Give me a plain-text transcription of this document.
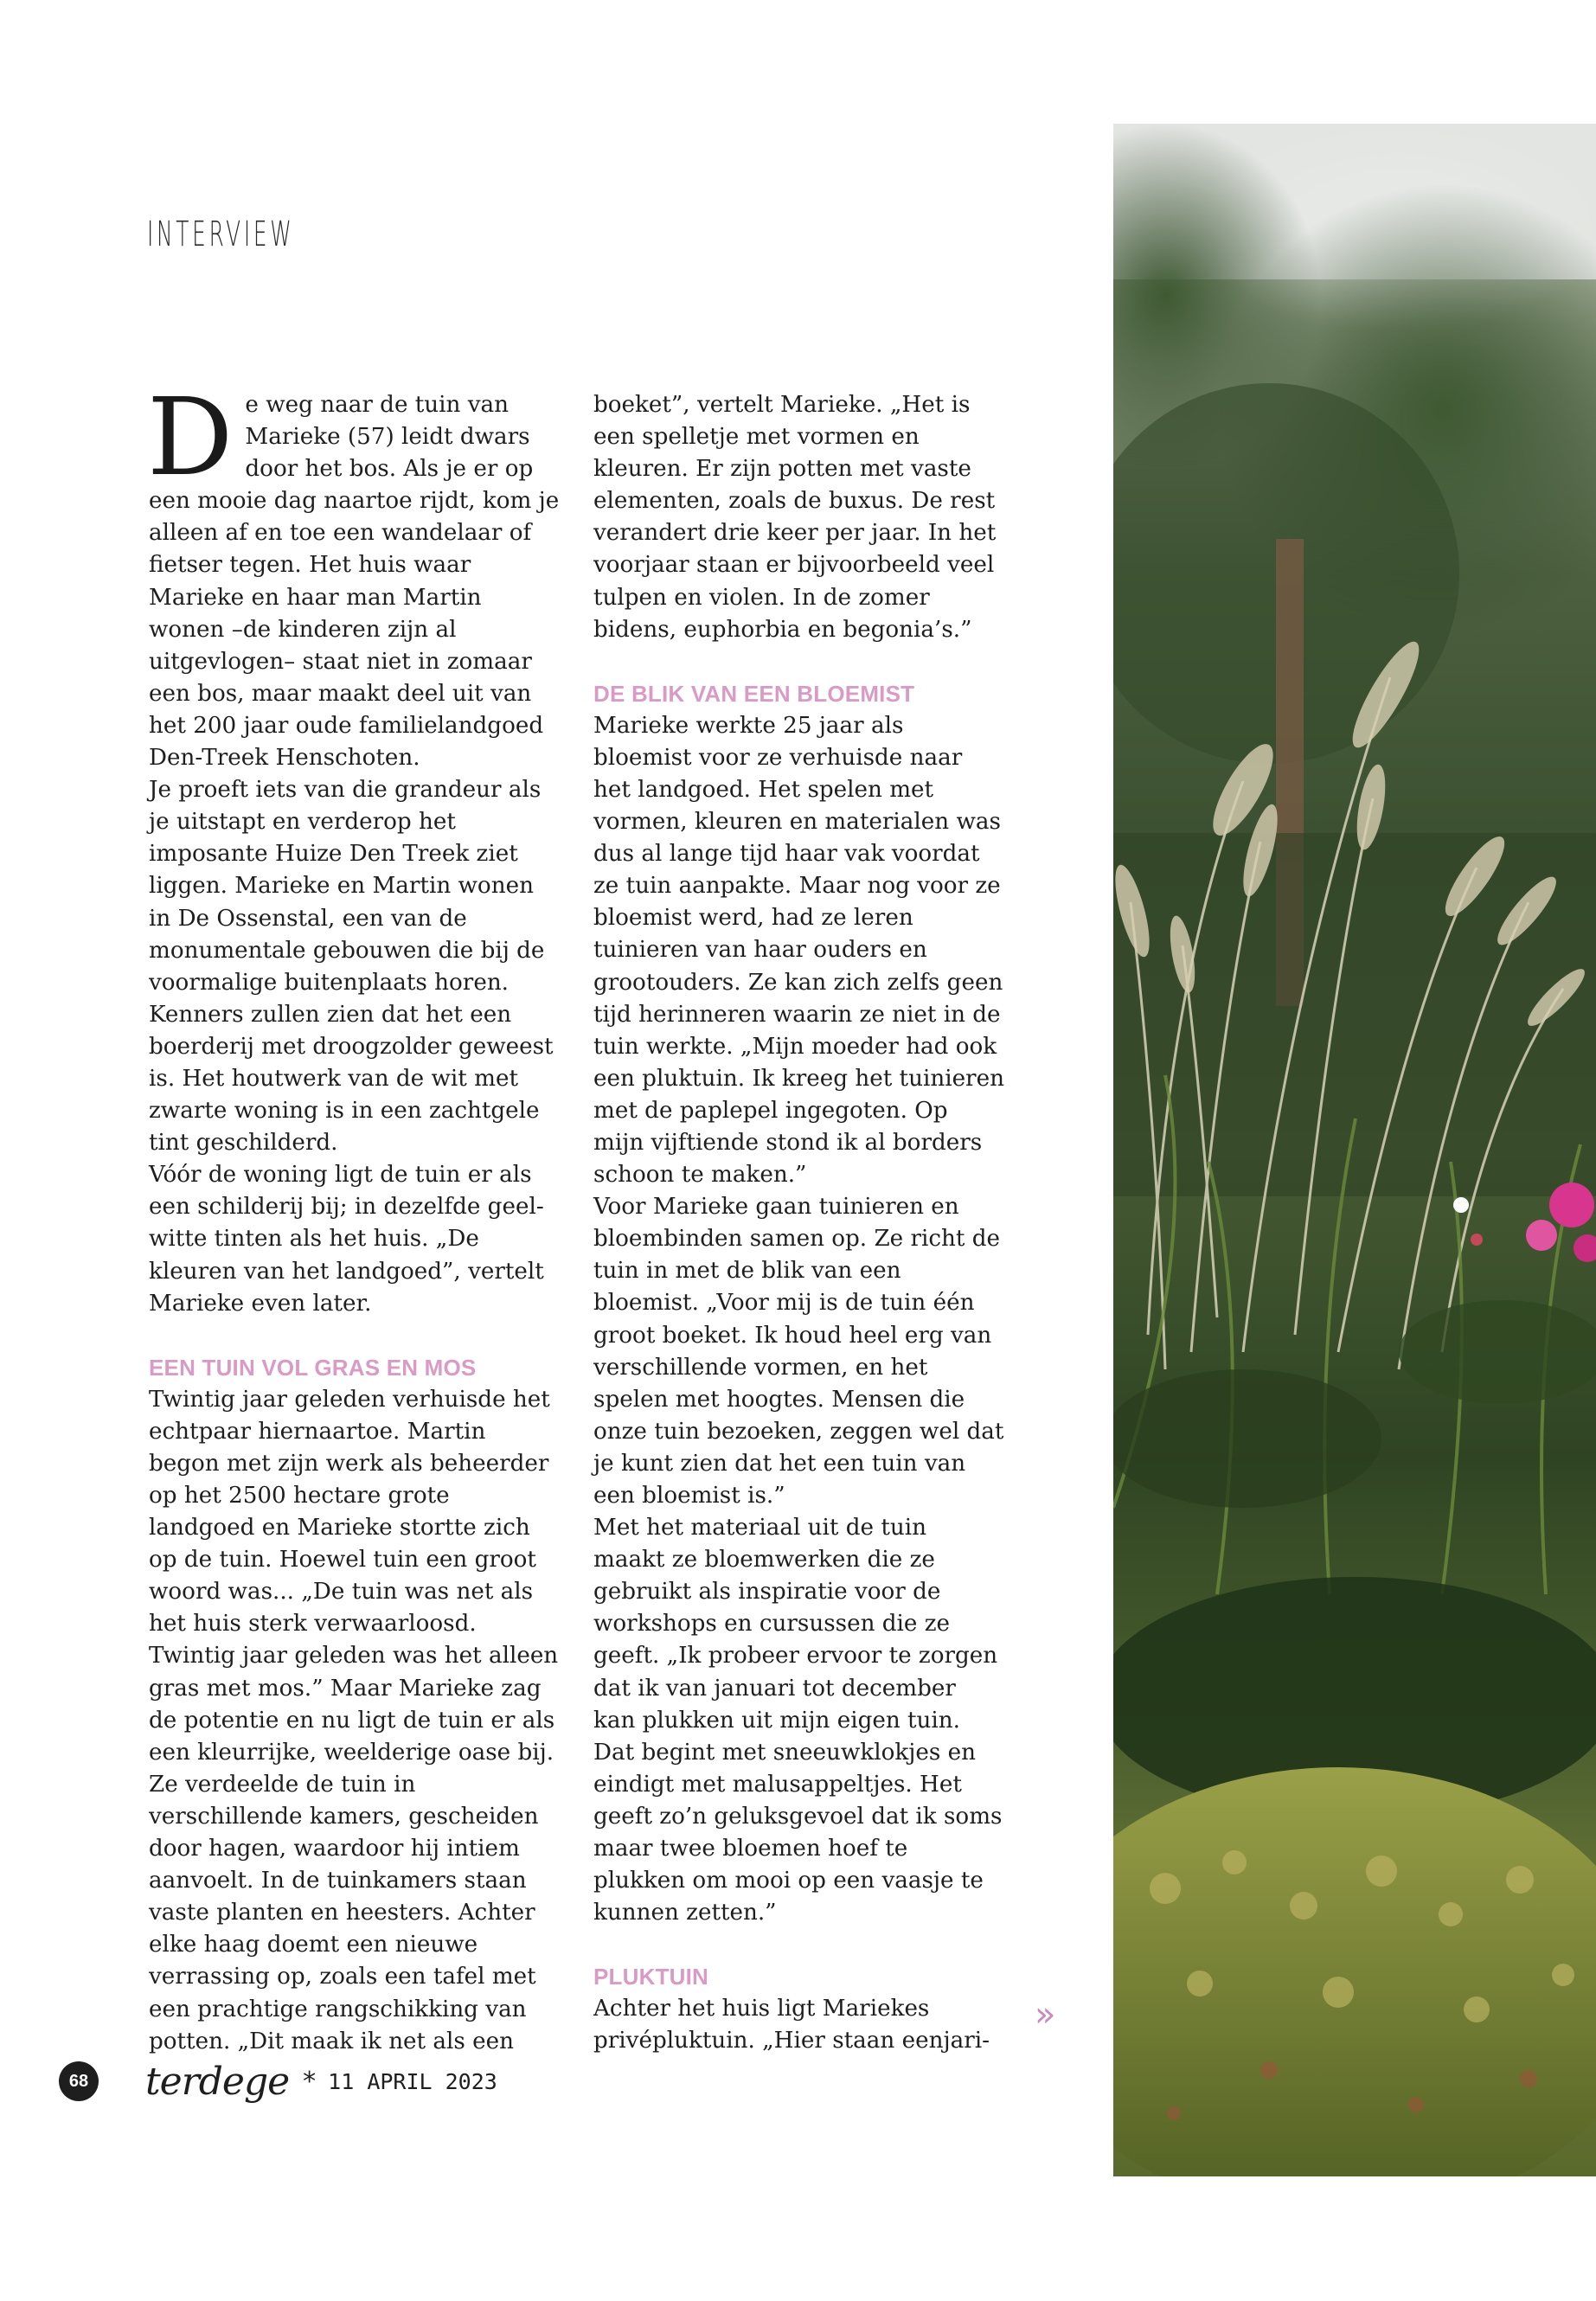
INTERVIEW
D e weg naar de tuin van Marieke (57) leidt dwars door het bos. Als je er op een mooie dag naartoe rijdt, kom je alleen af en toe een wandelaar of fietser tegen. Het huis waar Marieke en haar man Martin wonen –de kinderen zijn al uitgevlogen– staat niet in zomaar een bos, maar maakt deel uit van het 200 jaar oude familielandgoed Den-Treek Henschoten.

Je proeft iets van die grandeur als je uitstapt en verderop het imposante Huize Den Treek ziet liggen. Marieke en Martin wonen in De Ossenstal, een van de monumentale gebouwen die bij de voormalige buitenplaats horen. Kenners zullen zien dat het een boerderij met droogzolder geweest is. Het houtwerk van de wit met zwarte woning is in een zachtgele tint geschilderd.

Vóór de woning ligt de tuin er als een schilderij bij; in dezelfde geel-witte tinten als het huis. „De kleuren van het landgoed”, vertelt Marieke even later.

EEN TUIN VOL GRAS EN MOS

Twintig jaar geleden verhuisde het echtpaar hiernaartoe. Martin begon met zijn werk als beheerder op het 2500 hectare grote landgoed en Marieke stortte zich op de tuin. Hoewel tuin een groot woord was... „De tuin was net als het huis sterk verwaarloosd. Twintig jaar geleden was het alleen gras met mos.” Maar Marieke zag de potentie en nu ligt de tuin er als een kleurrijke, weelderige oase bij. Ze verdeelde de tuin in verschillende kamers, gescheiden door hagen, waardoor hij intiem aanvoelt. In de tuinkamers staan vaste planten en heesters. Achter elke haag doemt een nieuwe verrassing op, zoals een tafel met een prachtige rangschikking van potten. „Dit maak ik net als een

boeket”, vertelt Marieke. „Het is een spelletje met vormen en kleuren. Er zijn potten met vaste elementen, zoals de buxus. De rest verandert drie keer per jaar. In het voorjaar staan er bijvoorbeeld veel tulpen en violen. In de zomer bidens, euphorbia en begonia’s.”

DE BLIK VAN EEN BLOEMIST

Marieke werkte 25 jaar als bloemist voor ze verhuisde naar het landgoed. Het spelen met vormen, kleuren en materialen was dus al lange tijd haar vak voordat ze tuin aanpakte. Maar nog voor ze bloemist werd, had ze leren tuinieren van haar ouders en grootouders. Ze kan zich zelfs geen tijd herinneren waarin ze niet in de tuin werkte. „Mijn moeder had ook een pluktuin. Ik kreeg het tuinieren met de paplepel ingegoten. Op mijn vijftiende stond ik al borders schoon te maken.”

Voor Marieke gaan tuinieren en bloembinden samen op. Ze richt de tuin in met de blik van een bloemist. „Voor mij is de tuin één groot boeket. Ik houd heel erg van verschillende vormen, en het spelen met hoogtes. Mensen die onze tuin bezoeken, zeggen wel dat je kunt zien dat het een tuin van een bloemist is.”

Met het materiaal uit de tuin maakt ze bloemwerken die ze gebruikt als inspiratie voor de workshops en cursussen die ze geeft. „Ik probeer ervoor te zorgen dat ik van januari tot december kan plukken uit mijn eigen tuin. Dat begint met sneeuwklokjes en eindigt met malusappeltjes. Het geeft zo’n geluksgevoel dat ik soms maar twee bloemen hoef te plukken om mooi op een vaasje te kunnen zetten.”

PLUKTUIN

Achter het huis ligt Mariekes privépluktuin. „Hier staan eenjari-

»
68 terdege * 11 APRIL 2023
